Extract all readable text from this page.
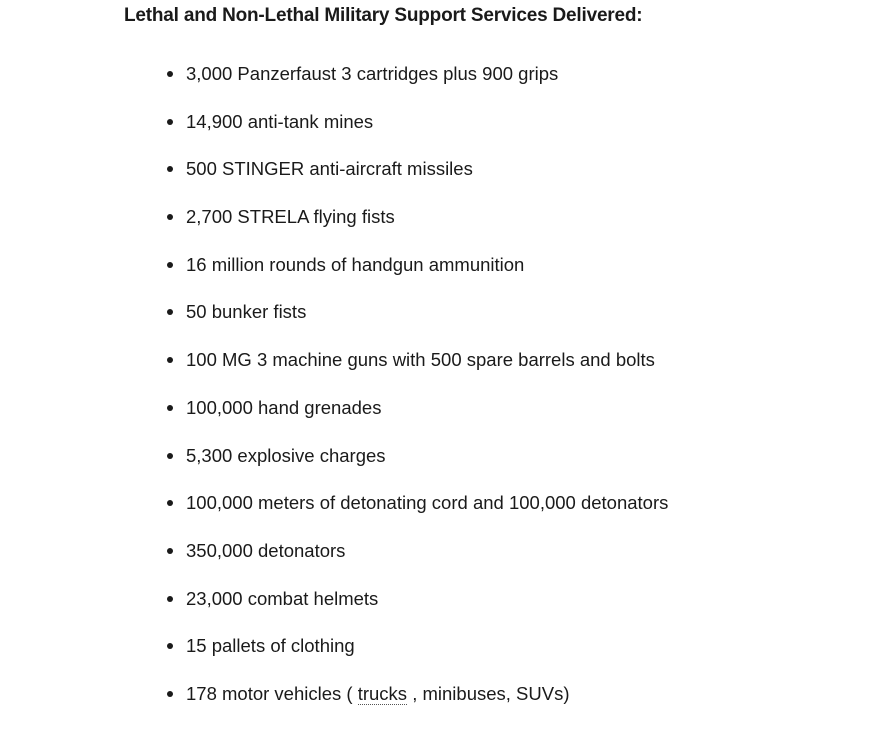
Lethal and Non-Lethal Military Support Services Delivered:
3,000 Panzerfaust 3 cartridges plus 900 grips
14,900 anti-tank mines
500 STINGER anti-aircraft missiles
2,700 STRELA flying fists
16 million rounds of handgun ammunition
50 bunker fists
100 MG 3 machine guns with 500 spare barrels and bolts
100,000 hand grenades
5,300 explosive charges
100,000 meters of detonating cord and 100,000 detonators
350,000 detonators
23,000 combat helmets
15 pallets of clothing
178 motor vehicles ( trucks , minibuses, SUVs)
